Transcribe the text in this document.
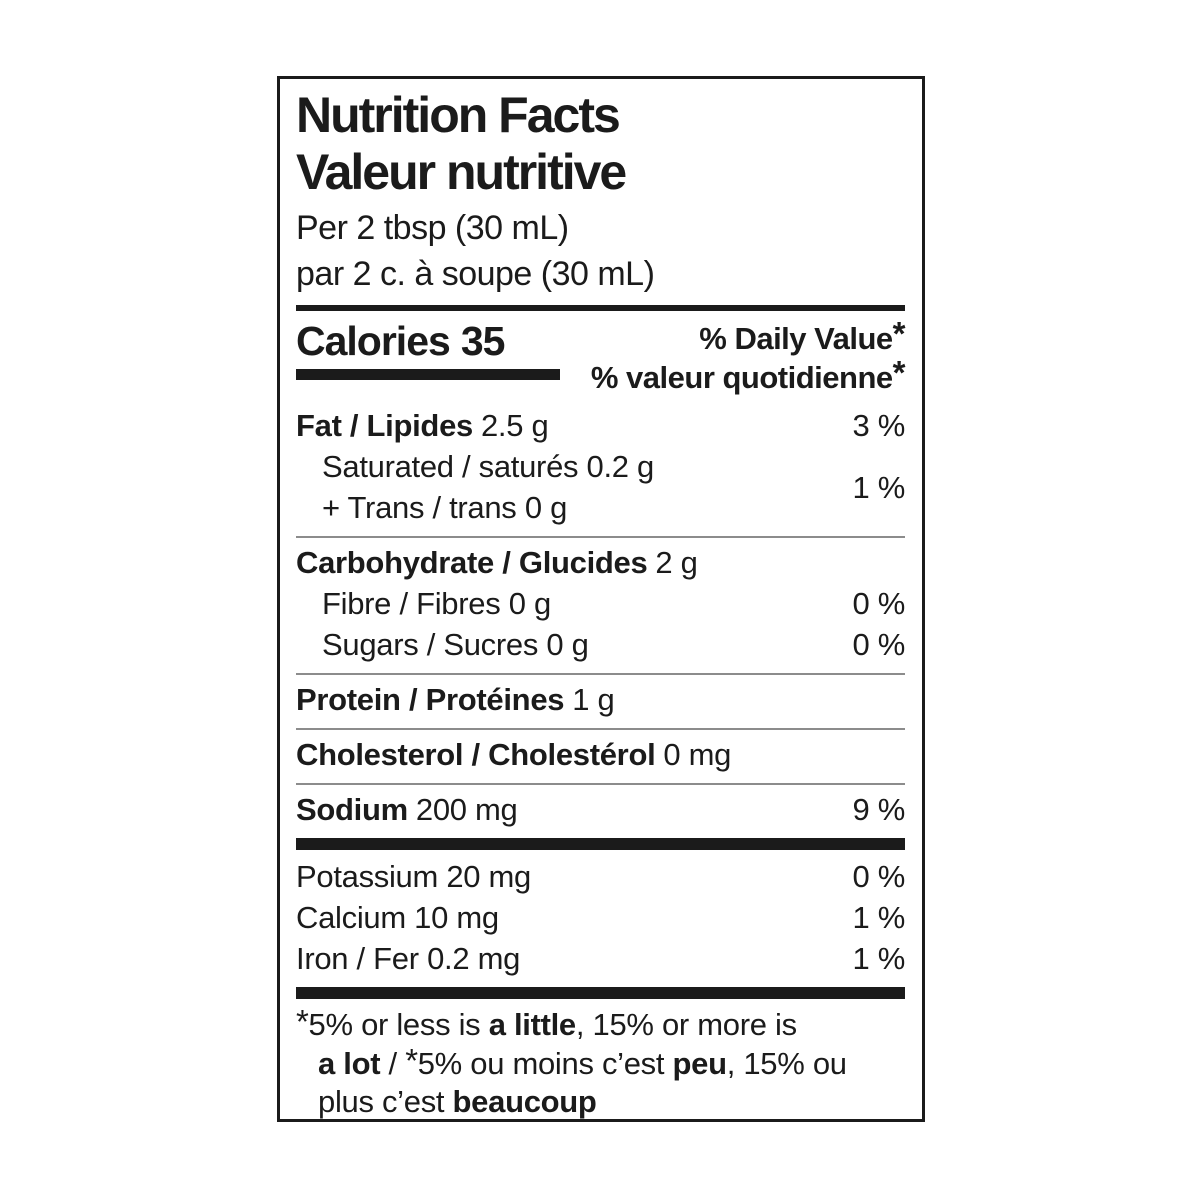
Nutrition Facts
Valeur nutritive
Per 2 tbsp (30 mL)
par 2 c. à soupe (30 mL)
Calories 35	% Daily Value*
% valeur quotidienne*
Fat / Lipides 2.5 g	3 %
Saturated / saturés 0.2 g
+ Trans / trans 0 g
1 %
Carbohydrate / Glucides 2 g
Fibre / Fibres 0 g	0 %
Sugars / Sucres 0 g	0 %
Protein / Protéines 1 g
Cholesterol / Cholestérol 0 mg
Sodium 200 mg	9 %
Potassium 20 mg	0 %
Calcium 10 mg	1 %
Iron / Fer 0.2 mg	1 %
*5% or less is a little, 15% or more is
a lot / *5% ou moins c’est peu, 15% ou
plus c’est beaucoup
